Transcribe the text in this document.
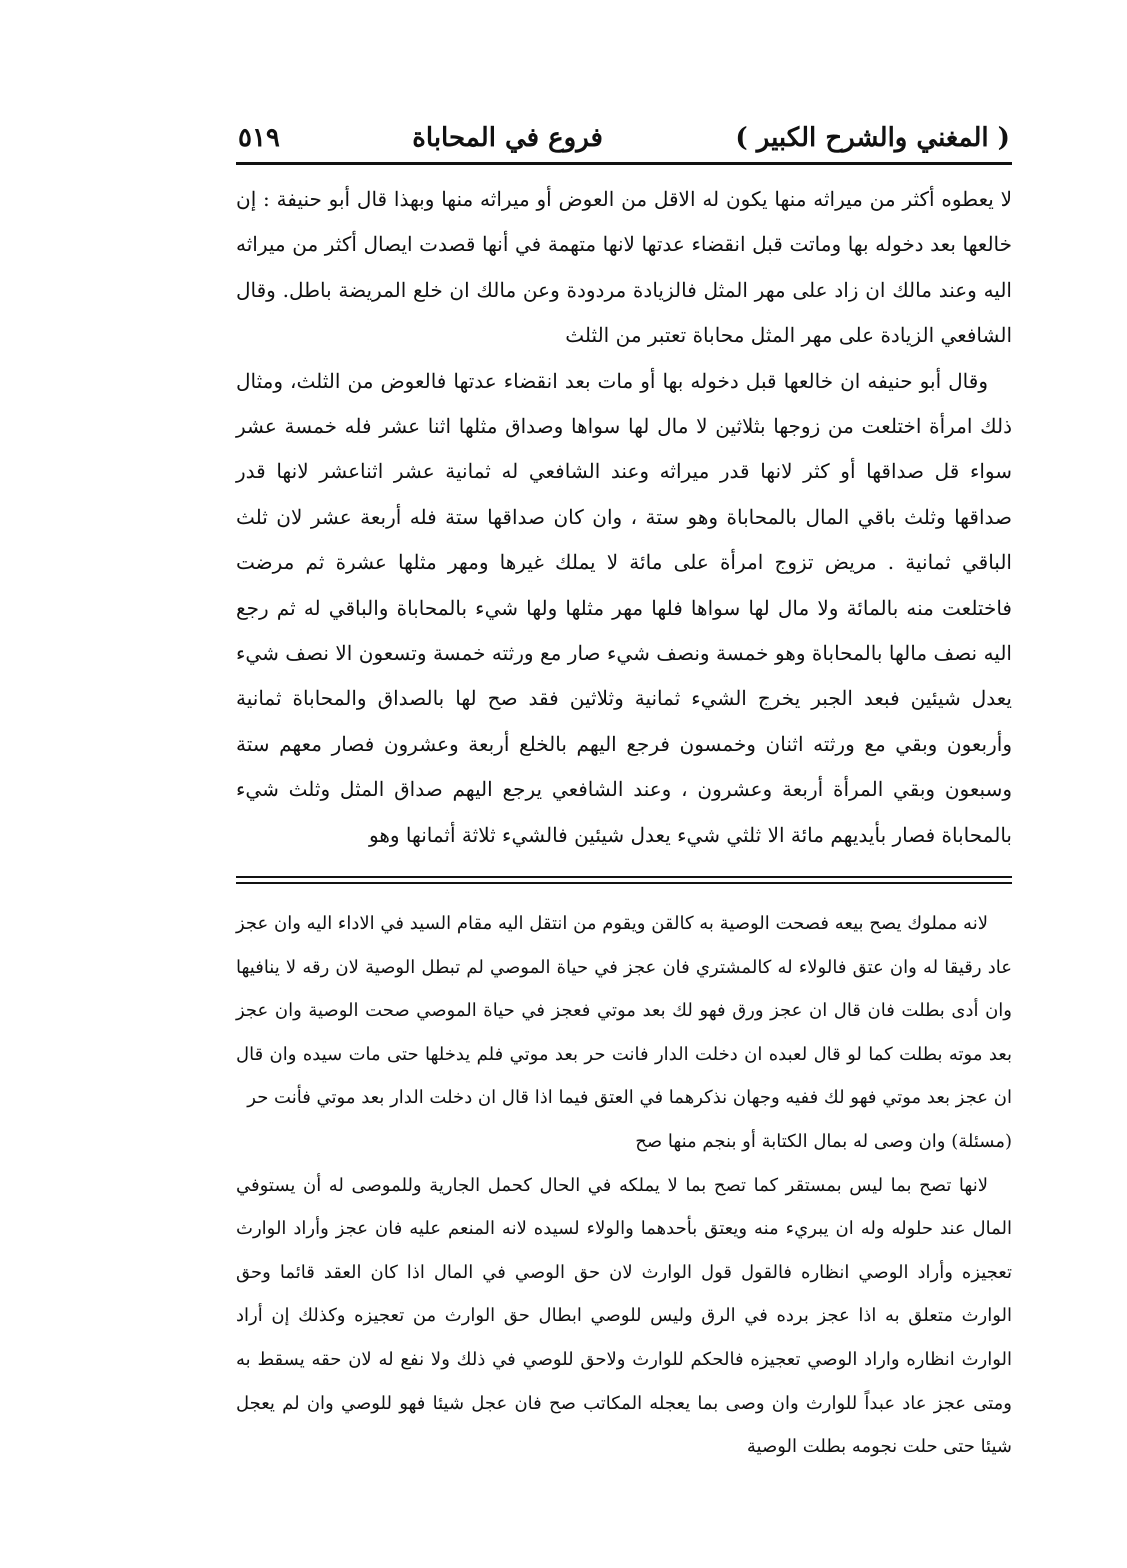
( المغني والشرح الكبير )
فروع في المحاباة
٥١٩

لا يعطوه أكثر من ميراثه منها يكون له الاقل من العوض أو ميراثه منها وبهذا قال أبو حنيفة : إن خالعها بعد دخوله بها وماتت قبل انقضاء عدتها لانها متهمة في أنها قصدت ايصال أكثر من ميراثه اليه وعند مالك ان زاد على مهر المثل فالزيادة مردودة وعن مالك ان خلع المريضة باطل. وقال الشافعي الزيادة على مهر المثل محاباة تعتبر من الثلث

وقال أبو حنيفه ان خالعها قبل دخوله بها أو مات بعد انقضاء عدتها فالعوض من الثلث، ومثال ذلك امرأة اختلعت من زوجها بثلاثين لا مال لها سواها وصداق مثلها اثنا عشر فله خمسة عشر سواء قل صداقها أو كثر لانها قدر ميراثه وعند الشافعي له ثمانية عشر اثناعشر لانها قدر صداقها وثلث باقي المال بالمحاباة وهو ستة ، وان كان صداقها ستة فله أربعة عشر لان ثلث الباقي ثمانية . مريض تزوج امرأة على مائة لا يملك غيرها ومهر مثلها عشرة ثم مرضت فاختلعت منه بالمائة ولا مال لها سواها فلها مهر مثلها ولها شيء بالمحاباة والباقي له ثم رجع اليه نصف مالها بالمحاباة وهو خمسة ونصف شيء صار مع ورثته خمسة وتسعون الا نصف شيء يعدل شيئين فبعد الجبر يخرج الشيء ثمانية وثلاثين فقد صح لها بالصداق والمحاباة ثمانية وأربعون وبقي مع ورثته اثنان وخمسون فرجع اليهم بالخلع أربعة وعشرون فصار معهم ستة وسبعون وبقي المرأة أربعة وعشرون ، وعند الشافعي يرجع اليهم صداق المثل وثلث شيء بالمحاباة فصار بأيديهم مائة الا ثلثي شيء يعدل شيئين فالشيء ثلاثة أثمانها وهو

لانه مملوك يصح بيعه فصحت الوصية به كالقن ويقوم من انتقل اليه مقام السيد في الاداء اليه وان عجز عاد رقيقا له وان عتق فالولاء له كالمشتري فان عجز في حياة الموصي لم تبطل الوصية لان رقه لا ينافيها وان أدى بطلت فان قال ان عجز ورق فهو لك بعد موتي فعجز في حياة الموصي صحت الوصية وان عجز بعد موته بطلت كما لو قال لعبده ان دخلت الدار فانت حر بعد موتي فلم يدخلها حتى مات سيده وان قال ان عجز بعد موتي فهو لك ففيه وجهان نذكرهما في العتق فيما اذا قال ان دخلت الدار بعد موتي فأنت حر

(مسئلة) وان وصى له بمال الكتابة أو بنجم منها صح

لانها تصح بما ليس بمستقر كما تصح بما لا يملكه في الحال كحمل الجارية وللموصى له أن يستوفي المال عند حلوله وله ان يبريء منه ويعتق بأحدهما والولاء لسيده لانه المنعم عليه فان عجز وأراد الوارث تعجيزه وأراد الوصي انظاره فالقول قول الوارث لان حق الوصي في المال اذا كان العقد قائما وحق الوارث متعلق به اذا عجز برده في الرق وليس للوصي ابطال حق الوارث من تعجيزه وكذلك إن أراد الوارث انظاره واراد الوصي تعجيزه فالحكم للوارث ولاحق للوصي في ذلك ولا نفع له لان حقه يسقط به ومتى عجز عاد عبداً للوارث وان وصى بما يعجله المكاتب صح فان عجل شيئا فهو للوصي وان لم يعجل شيئا حتى حلت نجومه بطلت الوصية
